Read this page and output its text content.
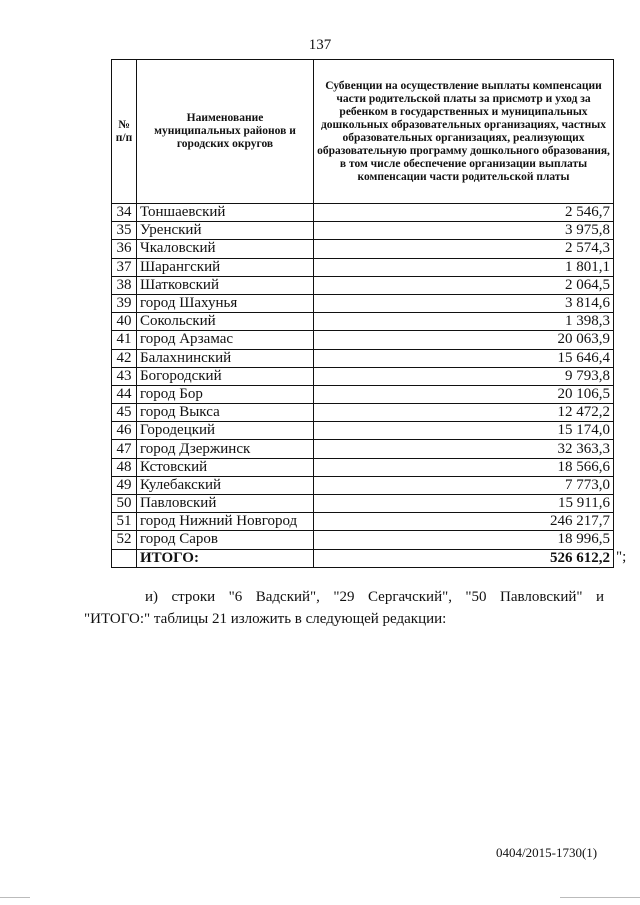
137
№ п/п	Наименование муниципальных районов и городских округов	Субвенции на осуществление выплаты компенсации части родительской платы за присмотр и уход за ребенком в государственных и муниципальных дошкольных образовательных организациях, частных образовательных организациях, реализующих образовательную программу дошкольного образования, в том числе обеспечение организации выплаты компенсации части родительской платы
34	Тоншаевский	2 546,7
35	Уренский	3 975,8
36	Чкаловский	2 574,3
37	Шарангский	1 801,1
38	Шатковский	2 064,5
39	город Шахунья	3 814,6
40	Сокольский	1 398,3
41	город Арзамас	20 063,9
42	Балахнинский	15 646,4
43	Богородский	9 793,8
44	город Бор	20 106,5
45	город Выкса	12 472,2
46	Городецкий	15 174,0
47	город Дзержинск	32 363,3
48	Кстовский	18 566,6
49	Кулебакский	7 773,0
50	Павловский	15 911,6
51	город Нижний Новгород	246 217,7
52	город Саров	18 996,5
	ИТОГО:	526 612,2 ";
и) строки "6 Вадский", "29 Сергачский", "50 Павловский" и
"ИТОГО:" таблицы 21 изложить в следующей редакции:
0404/2015-1730(1)
